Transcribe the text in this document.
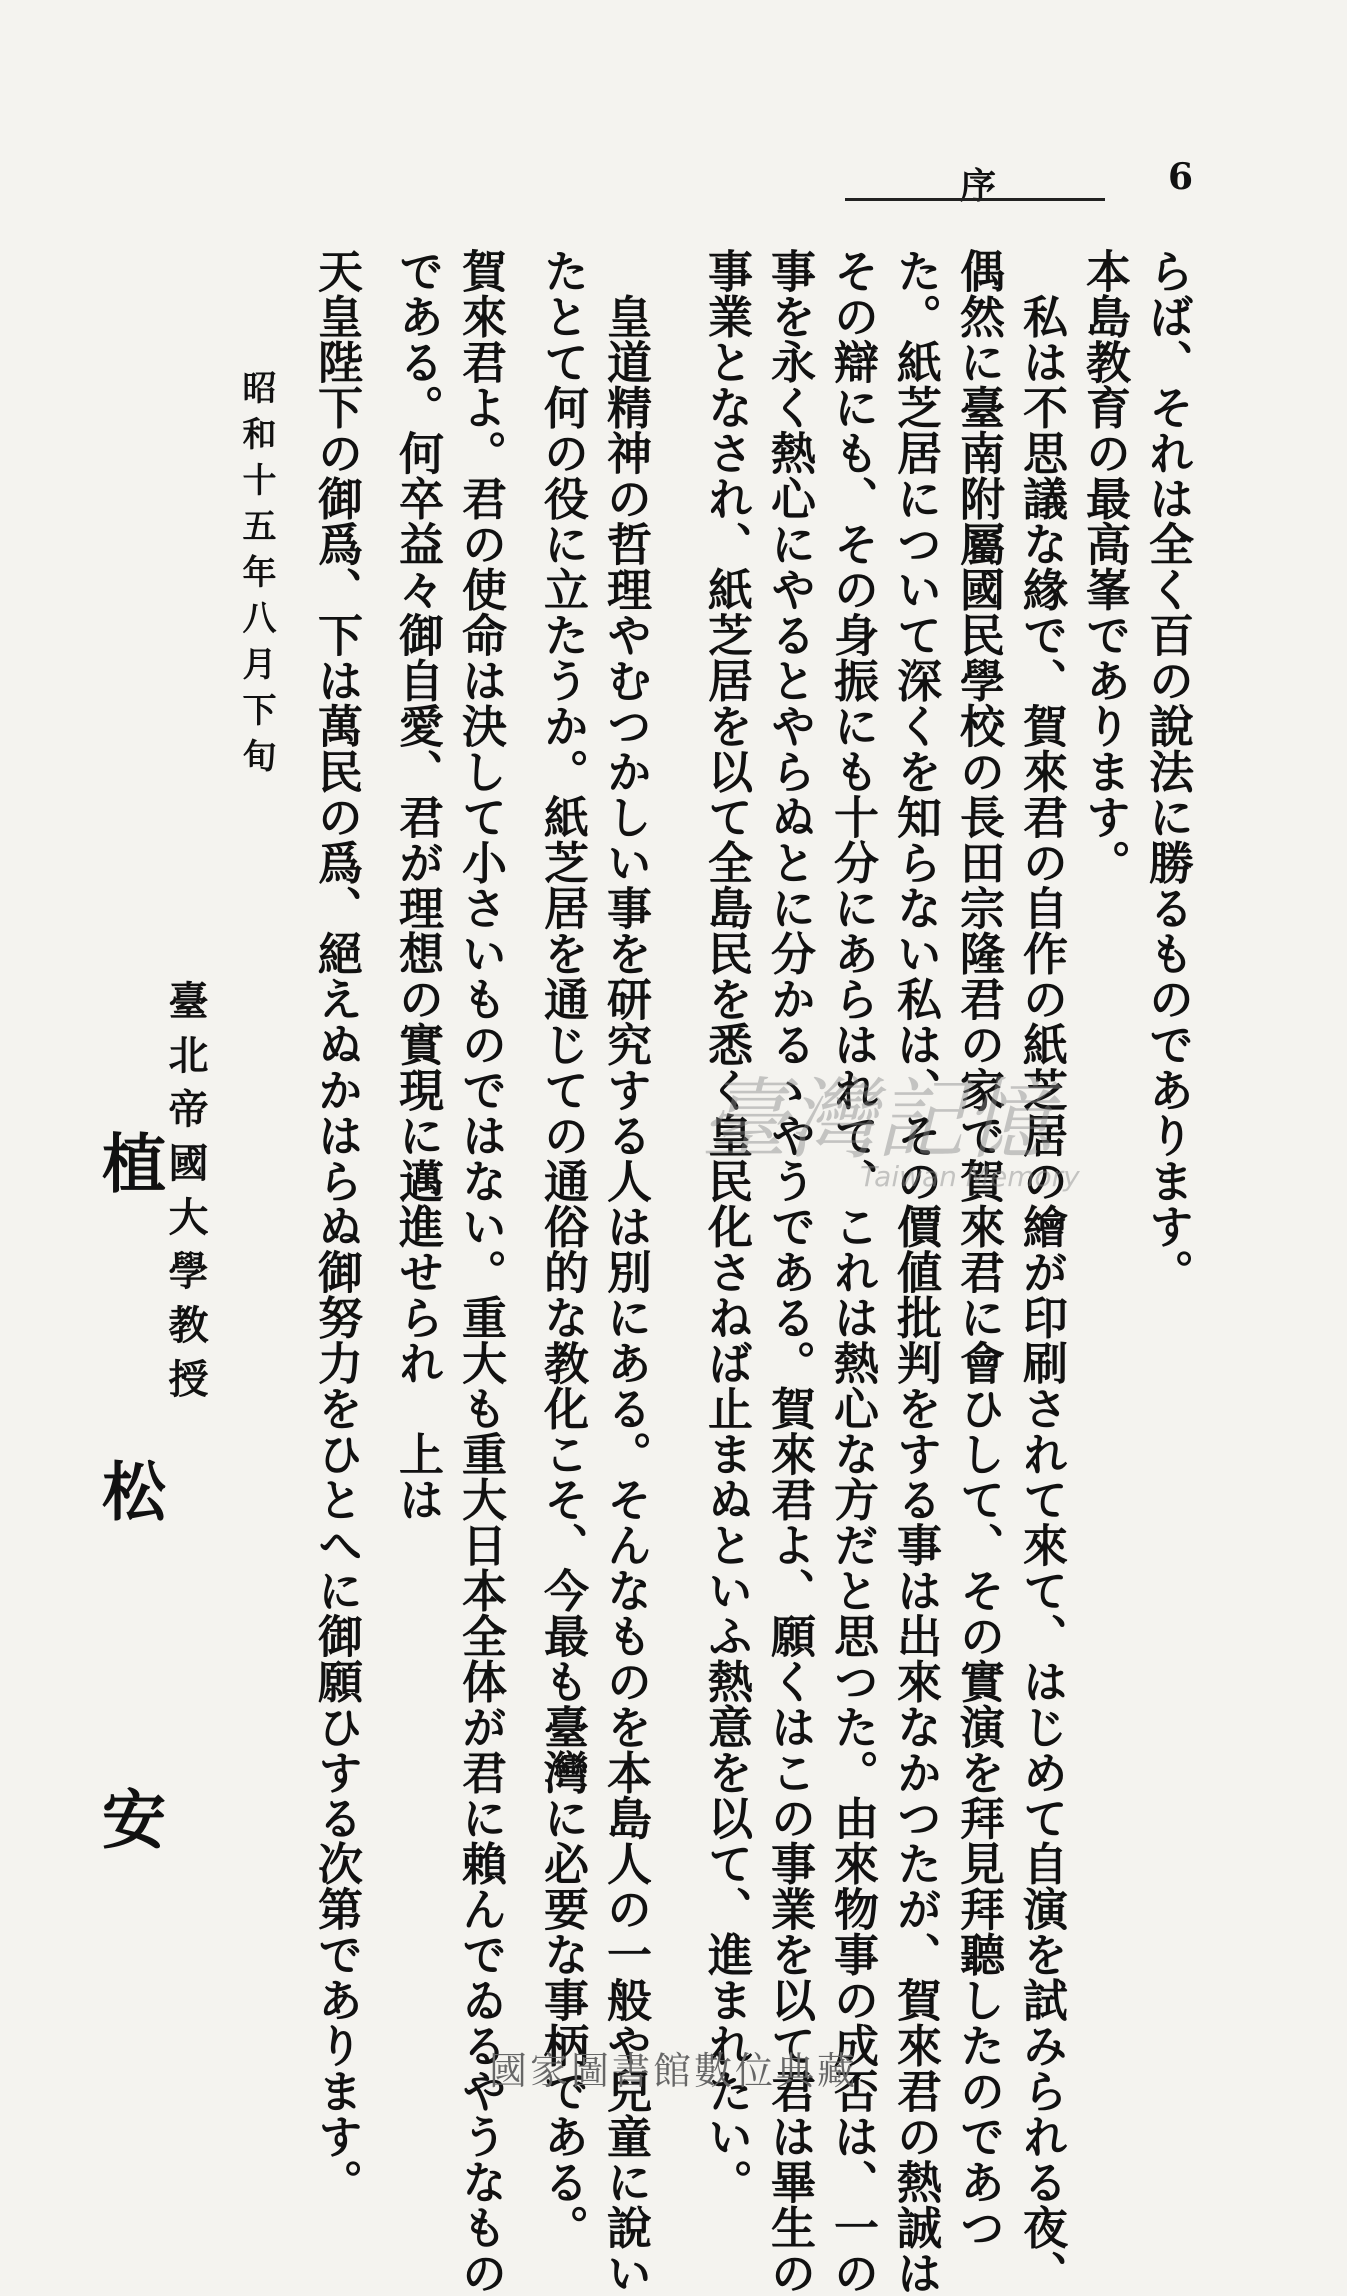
6
序
らば、それは全く百の說法に勝るものであります。
本島教育の最高峯であります。
　私は不思議な緣で、賀來君の自作の紙芝居の繪が印刷されて來て、はじめて自演を試みられる夜、
偶然に臺南附屬國民學校の長田宗隆君の家で賀來君に會ひして、その實演を拜見拜聽したのであつ
た。紙芝居について深くを知らない私は、その價値批判をする事は出來なかつたが、賀來君の熱誠は
その辯にも、その身振にも十分にあらはれて、これは熱心な方だと思つた。由來物事の成否は、一の
事を永く熱心にやるとやらぬとに分かるゝやうである。賀來君よ、願くはこの事業を以て君は畢生の
事業となされ、紙芝居を以て全島民を悉く皇民化さねば止まぬといふ熱意を以て、進まれたい。
　皇道精神の哲理やむつかしい事を研究する人は別にある。そんなものを本島人の一般や兒童に說い
たとて何の役に立たうか。紙芝居を通じての通俗的な教化こそ、今最も臺灣に必要な事柄である。
賀來君よ。君の使命は決して小さいものではない。重大も重大日本全体が君に賴んでゐるやうなもの
である。何卒益々御自愛、君が理想の實現に邁進せられ　上は
天皇陛下の御爲、下は萬民の爲、絕えぬかはらぬ御努力をひとへに御願ひする次第であります。
昭和十五年八月下旬
臺北帝國大學教授
植
松
安
臺灣記憶
Taiwan Memory
國家圖書館數位典藏
